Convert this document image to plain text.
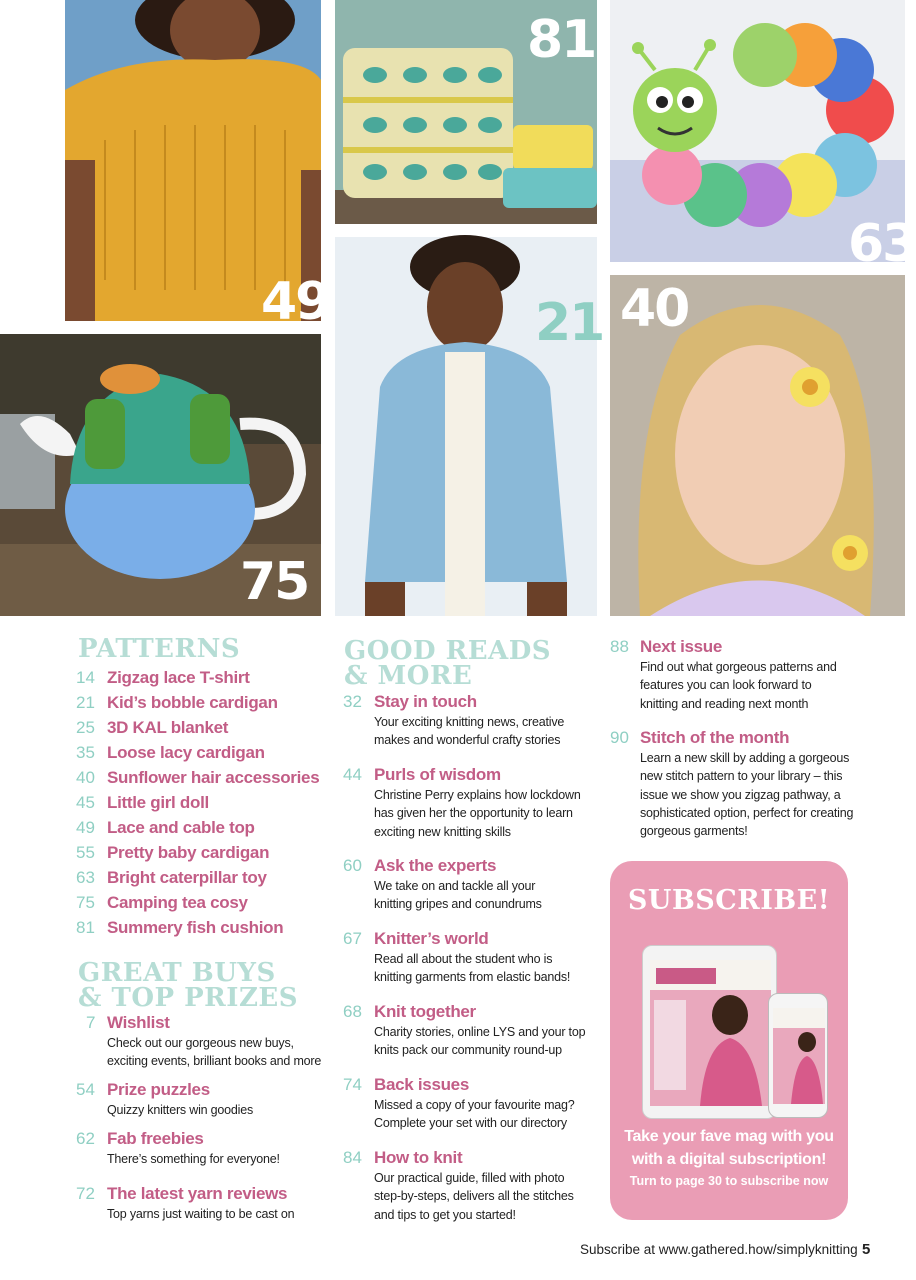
49
81
63
75
21 40
PATTERNS
14 Zigzag lace T-shirt
21 Kid’s bobble cardigan
25 3D KAL blanket
35 Loose lacy cardigan
40 Sunflower hair accessories
45 Little girl doll
49 Lace and cable top
55 Pretty baby cardigan
63 Bright caterpillar toy
75 Camping tea cosy
81 Summery fish cushion
GREAT BUYS
& TOP PRIZES
7 Wishlist
Check out our gorgeous new buys, exciting events, brilliant books and more
54 Prize puzzles
Quizzy knitters win goodies
62 Fab freebies
There’s something for everyone!
72 The latest yarn reviews
Top yarns just waiting to be cast on
GOOD READS
& MORE
32 Stay in touch
Your exciting knitting news, creative makes and wonderful crafty stories
44 Purls of wisdom
Christine Perry explains how lockdown has given her the opportunity to learn exciting new knitting skills
60 Ask the experts
We take on and tackle all your knitting gripes and conundrums
67 Knitter’s world
Read all about the student who is knitting garments from elastic bands!
68 Knit together
Charity stories, online LYS and your top knits pack our community round-up
74 Back issues
Missed a copy of your favourite mag? Complete your set with our directory
84 How to knit
Our practical guide, filled with photo step-by-steps, delivers all the stitches and tips to get you started!
88 Next issue
Find out what gorgeous patterns and features you can look forward to knitting and reading next month
90 Stitch of the month
Learn a new skill by adding a gorgeous new stitch pattern to your library – this issue we show you zigzag pathway, a sophisticated option, perfect for creating gorgeous garments!
SUBSCRIBE!
Take your fave mag with you
with a digital subscription!
Turn to page 30 to subscribe now
Subscribe at www.gathered.how/simplyknitting 5
